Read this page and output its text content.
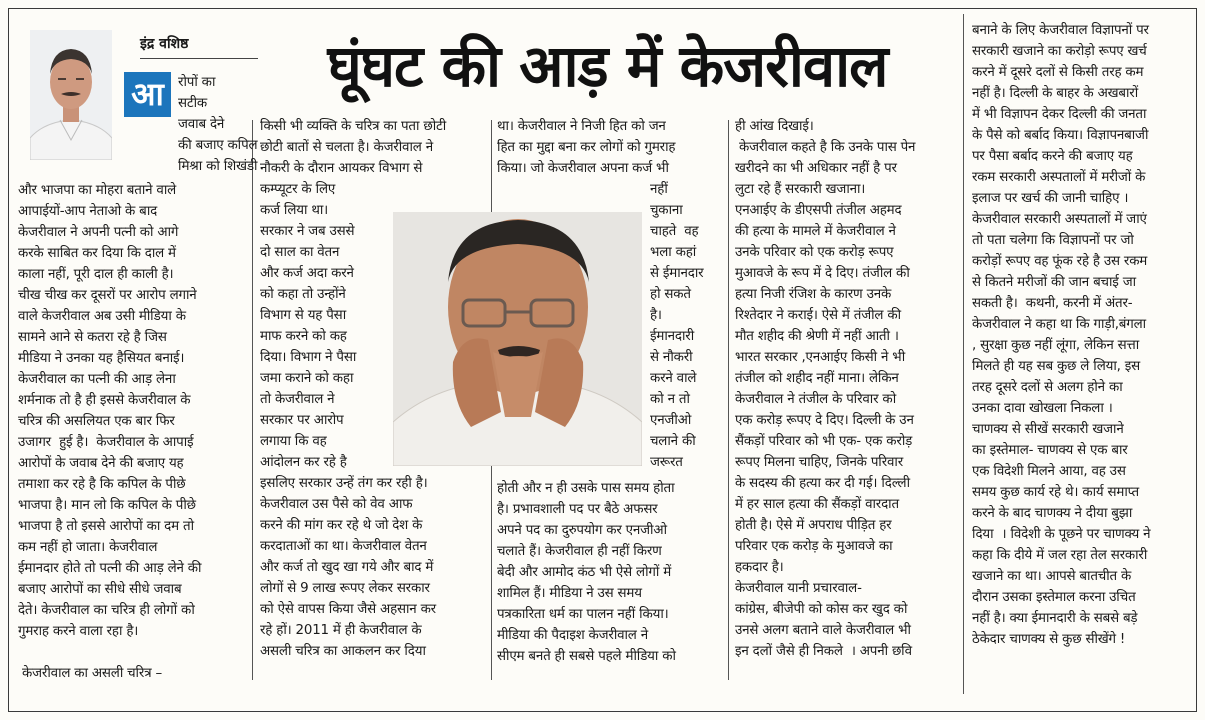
इंद्र वशिष्ठ
आ	घूंघट की आड़ में केजरीवाल
रोपों का
सटीक
जवाब देने
की बजाए कपिल
मिश्रा को शिखंडी
और भाजपा का मोहरा बताने वाले
आपाईयों-आप नेताओ के बाद
केजरीवाल ने अपनी पत्नी को आगे
करके साबित कर दिया कि दाल में
काला नहीं, पूरी दाल ही काली है।
चीख चीख कर दूसरों पर आरोप लगाने
वाले केजरीवाल अब उसी मीडिया के
सामने आने से कतरा रहे है जिस
मीडिया ने उनका यह हैसियत बनाई।
केजरीवाल का पत्नी की आड़ लेना
शर्मनाक तो है ही इससे केजरीवाल के
चरित्र की असलियत एक बार फिर
उजागर  हुई है।  केजरीवाल के आपाई
आरोपों के जवाब देने की बजाए यह
तमाशा कर रहे है कि कपिल के पीछे
भाजपा है। मान लो कि कपिल के पीछे
भाजपा है तो इससे आरोपों का दम तो
कम नहीं हो जाता। केजरीवाल
ईमानदार होते तो पत्नी की आड़ लेने की
बजाए आरोपों का सीधे सीधे जवाब
देते। केजरीवाल का चरित्र ही लोगों को
गुमराह करने वाला रहा है।
केजरीवाल का असली चरित्र –
किसी भी व्यक्ति के चरित्र का पता छोटी
छोटी बातों से चलता है। केजरीवाल ने
नौकरी के दौरान आयकर विभाग से
कम्प्यूटर के लिए
कर्ज लिया था।
सरकार ने जब उससे
दो साल का वेतन
और कर्ज अदा करने
को कहा तो उन्होंने
विभाग से यह पैसा
माफ करने को कह
दिया। विभाग ने पैसा
जमा कराने को कहा
तो केजरीवाल ने
सरकार पर आरोप
लगाया कि वह
आंदोलन कर रहे है
इसलिए सरकार उन्हें तंग कर रही है।
केजरीवाल उस पैसे को वेव आफ
करने की मांग कर रहे थे जो देश के
करदाताओं का था। केजरीवाल वेतन
और कर्ज तो खुद खा गये और बाद में
लोगों से 9 लाख रूपए लेकर सरकार
को ऐसे वापस किया जैसे अहसान कर
रहे हों। 2011 में ही केजरीवाल के
असली चरित्र का आकलन कर दिया
था। केजरीवाल ने निजी हित को जन
हित का मुद्दा बना कर लोगों को गुमराह
किया। जो केजरीवाल अपना कर्ज भी
नहीं
चुकाना
चाहते  वह
भला कहां
से ईमानदार
हो सकते
है।
ईमानदारी
से नौकरी
करने वाले
को न तो
एनजीओ
चलाने की
जरूरत
होती और न ही उसके पास समय होता
है। प्रभावशाली पद पर बैठे अफसर
अपने पद का दुरुपयोग कर एनजीओ
चलाते हैं। केजरीवाल ही नहीं किरण
बेदी और आमोद कंठ भी ऐसे लोगों में
शामिल हैं। मीडिया ने उस समय
पत्रकारिता धर्म का पालन नहीं किया।
मीडिया की पैदाइश केजरीवाल ने
सीएम बनते ही सबसे पहले मीडिया को
ही आंख दिखाई।
केजरीवाल कहते है कि उनके पास पेन
खरीदने का भी अधिकार नहीं है पर
लुटा रहे हैं सरकारी खजाना।
एनआईए के डीएसपी तंजील अहमद
की हत्या के मामले में केजरीवाल ने
उनके परिवार को एक करोड़ रूपए
मुआवजे के रूप में दे दिए। तंजील की
हत्या निजी रंजिश के कारण उनके
रिश्तेदार ने कराई। ऐसे में तंजील की
मौत शहीद की श्रेणी में नहीं आती ।
भारत सरकार ,एनआईए किसी ने भी
तंजील को शहीद नहीं माना। लेकिन
केजरीवाल ने तंजील के परिवार को
एक करोड़ रूपए दे दिए। दिल्ली के उन
सैंकड़ों परिवार को भी एक- एक करोड़
रूपए मिलना चाहिए, जिनके परिवार
के सदस्य की हत्या कर दी गई। दिल्ली
में हर साल हत्या की सैंकड़ों वारदात
होती है। ऐसे में अपराध पीड़ित हर
परिवार एक करोड़ के मुआवजे का
हकदार है।
केजरीवाल यानी प्रचारवाल-
कांग्रेस, बीजेपी को कोस कर खुद को
उनसे अलग बताने वाले केजरीवाल भी
इन दलों जैसे ही निकले  । अपनी छवि
बनाने के लिए केजरीवाल विज्ञापनों पर
सरकारी खजाने का करोड़ो रूपए खर्च
करने में दूसरे दलों से किसी तरह कम
नहीं है। दिल्ली के बाहर के अखबारों
में भी विज्ञापन देकर दिल्ली की जनता
के पैसे को बर्बाद किया। विज्ञापनबाजी
पर पैसा बर्बाद करने की बजाए यह
रकम सरकारी अस्पतालों में मरीजों के
इलाज पर खर्च की जानी चाहिए ।
केजरीवाल सरकारी अस्पतालों में जाएं
तो पता चलेगा कि विज्ञापनों पर जो
करोड़ों रूपए वह फूंक रहे है उस रकम
से कितने मरीजों की जान बचाई जा
सकती है।  कथनी, करनी में अंतर-
केजरीवाल ने कहा था कि गाड़ी,बंगला
, सुरक्षा कुछ नहीं लूंगा, लेकिन सत्ता
मिलते ही यह सब कुछ ले लिया, इस
तरह दूसरे दलों से अलग होने का
उनका दावा खोखला निकला ।
चाणक्य से सीखें सरकारी खजाने
का इस्तेमाल- चाणक्य से एक बार
एक विदेशी मिलने आया, वह उस
समय कुछ कार्य रहे थे। कार्य समाप्त
करने के बाद चाणक्य ने दीया बुझा
दिया  । विदेशी के पूछने पर चाणक्य ने
कहा कि दीये में जल रहा तेल सरकारी
खजाने का था। आपसे बातचीत के
दौरान उसका इस्तेमाल करना उचित
नहीं है। क्या ईमानदारी के सबसे बड़े
ठेकेदार चाणक्य से कुछ सीखेंगे !
